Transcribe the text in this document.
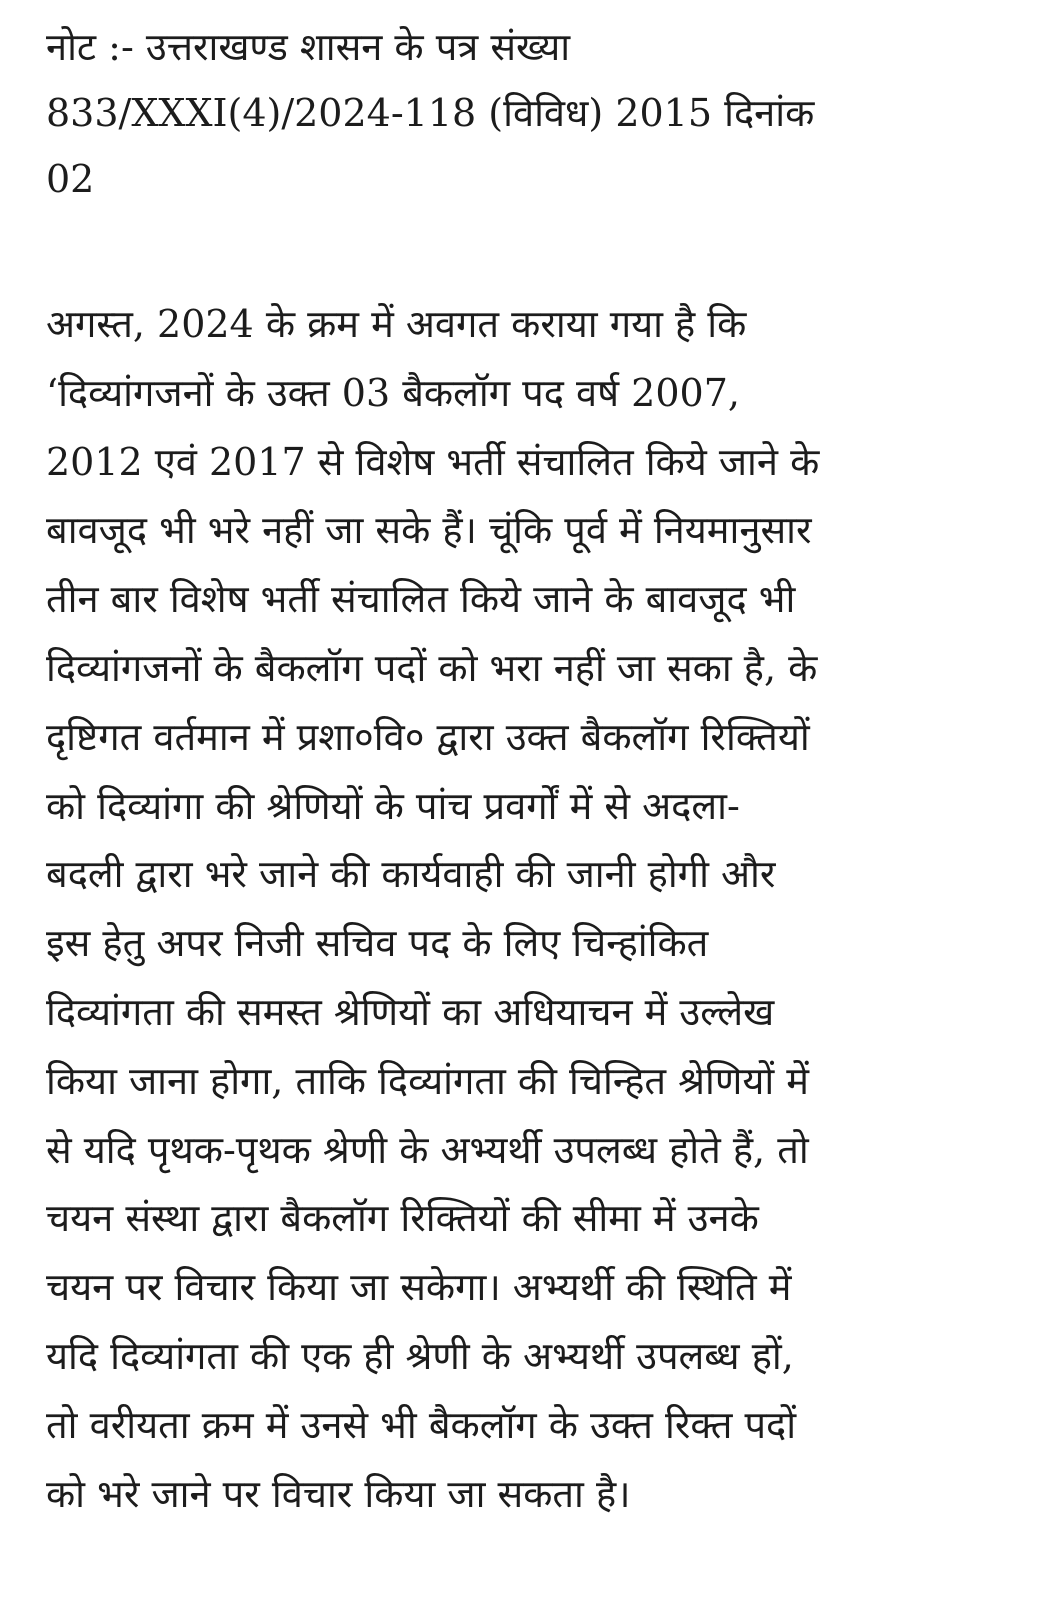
नोट :- उत्तराखण्ड शासन के पत्र संख्या
833/XXXI(4)/2024-118 (विविध) 2015 दिनांक
02
अगस्त, 2024 के क्रम में अवगत कराया गया है कि
‘दिव्यांगजनों के उक्त 03 बैकलॉग पद वर्ष 2007,
2012 एवं 2017 से विशेष भर्ती संचालित किये जाने के
बावजूद भी भरे नहीं जा सके हैं। चूंकि पूर्व में नियमानुसार
तीन बार विशेष भर्ती संचालित किये जाने के बावजूद भी
दिव्यांगजनों के बैकलॉग पदों को भरा नहीं जा सका है, के
दृष्टिगत वर्तमान में प्रशा०वि० द्वारा उक्त बैकलॉग रिक्तियों
को दिव्यांगा की श्रेणियों के पांच प्रवर्गों में से अदला-
बदली द्वारा भरे जाने की कार्यवाही की जानी होगी और
इस हेतु अपर निजी सचिव पद के लिए चिन्हांकित
दिव्यांगता की समस्त श्रेणियों का अधियाचन में उल्लेख
किया जाना होगा, ताकि दिव्यांगता की चिन्हित श्रेणियों में
से यदि पृथक-पृथक श्रेणी के अभ्यर्थी उपलब्ध होते हैं, तो
चयन संस्था द्वारा बैकलॉग रिक्तियों की सीमा में उनके
चयन पर विचार किया जा सकेगा। अभ्यर्थी की स्थिति में
यदि दिव्यांगता की एक ही श्रेणी के अभ्यर्थी उपलब्ध हों,
तो वरीयता क्रम में उनसे भी बैकलॉग के उक्त रिक्त पदों
को भरे जाने पर विचार किया जा सकता है।
